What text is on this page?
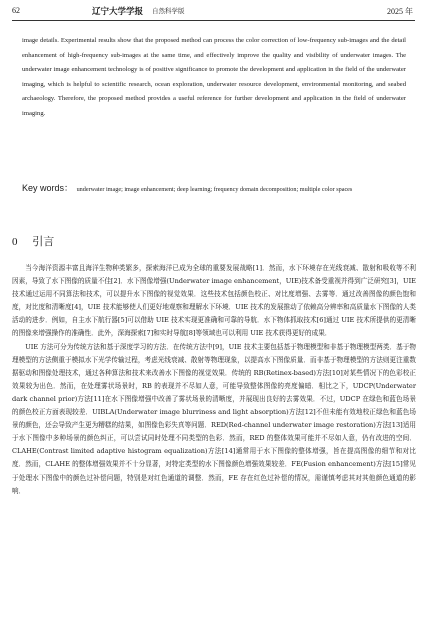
62	辽宁大学学报 自然科学版	2025 年
image details. Experimental results show that the proposed method can process the color correction of low-frequency sub-images and the detail enhancement of high-frequency sub-images at the same time, and effectively improve the quality and visibility of underwater images. The underwater image enhancement technology is of positive significance to promote the development and application in the field of the underwater imaging, which is helpful to scientific research, ocean exploration, underwater resource development, environmental monitoring, and seabed archaeology. Therefore, the proposed method provides a useful reference for further development and application in the field of underwater imaging.
Key words： underwater image; image enhancement; deep learning; frequency domain decomposition; multiple color spaces
0 引言

当今海洋资源丰富且海洋生物种类繁多，探索海洋已成为全球的重要发展战略[1]．然而，水下环境存在光线衰减、散射和吸收等不利因素，导致了水下图像的质量不佳[2]．水下图像增强(Underwater image enhancement，UIE)技术备受重视并得到广泛研究[3]，UIE 技术通过运用不同算法和技术，可以提升水下图像的视觉效果．这些技术包括颜色校正、对比度增强、去雾等．通过改善图像的颜色饱和度，对比度和清晰度[4]，UIE 技术能够使人们更好地观察和理解水下环境．UIE 技术的发展推动了依赖高分辨率和高质量水下图像的人类活动的进步．例如，自主水下航行器[5]可以借助 UIE 技术实现更准确和可靠的导航．水下物体抓取技术[6]通过 UIE 技术所提供的更清晰的图像来增强操作的准确性．此外，深海探索[7]和实时导航[8]等领域也可以利用 UIE 技术获得更好的成果．

UIE 方法可分为传统方法和基于深度学习的方法．在传统方法中[9]，UIE 技术主要包括基于物理模型和非基于物理模型两类．基于物理模型的方法侧重于模拟水下光学传输过程，考虑光线衰减、散射等物理现象，以提高水下图像质量．而非基于物理模型的方法则更注重数据驱动和图像处理技术，通过各种算法和技术来改善水下图像的视觉效果．传统的 RB(Retinex-based)方法[10]对某些情况下的色彩校正效果较为出色．然而，在处理雾状场景时，RB 的表现并不尽如人意，可能导致整体图像的亮度偏暗．相比之下，UDCP(Underwater dark channel prior)方法[11]在水下图像增强中改善了雾状场景的清晰度，并展现出良好的去雾效果．不过，UDCP 在绿色和蓝色场景的颜色校正方面表现较差．UIBLA(Underwater image blurriness and light absorption)方法[12]不但未能有效地校正绿色和蓝色场景的颜色，还会导致产生更为糟糕的结果，如图像色彩失真等问题．RED(Red-channel underwater image restoration)方法[13]适用于水下图像中多种场景的颜色纠正，可以尝试同时处理不同类型的色彩．然而，RED 的整体效果可能并不尽如人意，仍有改进的空间．CLAHE(Contrast limited adaptive histogram equalization)方法[14]通常用于水下图像的整体增强，旨在提高图像的细节和对比度．然而，CLAHE 的整体增强效果并不十分显著，对特定类型的水下图像颜色增强效果较差．FE(Fusion enhancement)方法[15]常见于处理水下图像中的颜色过补偿问题，特别是对红色通道的调整．然而，FE 存在红色过补偿的情况，需谨慎考虑其对其他颜色通道的影响．
